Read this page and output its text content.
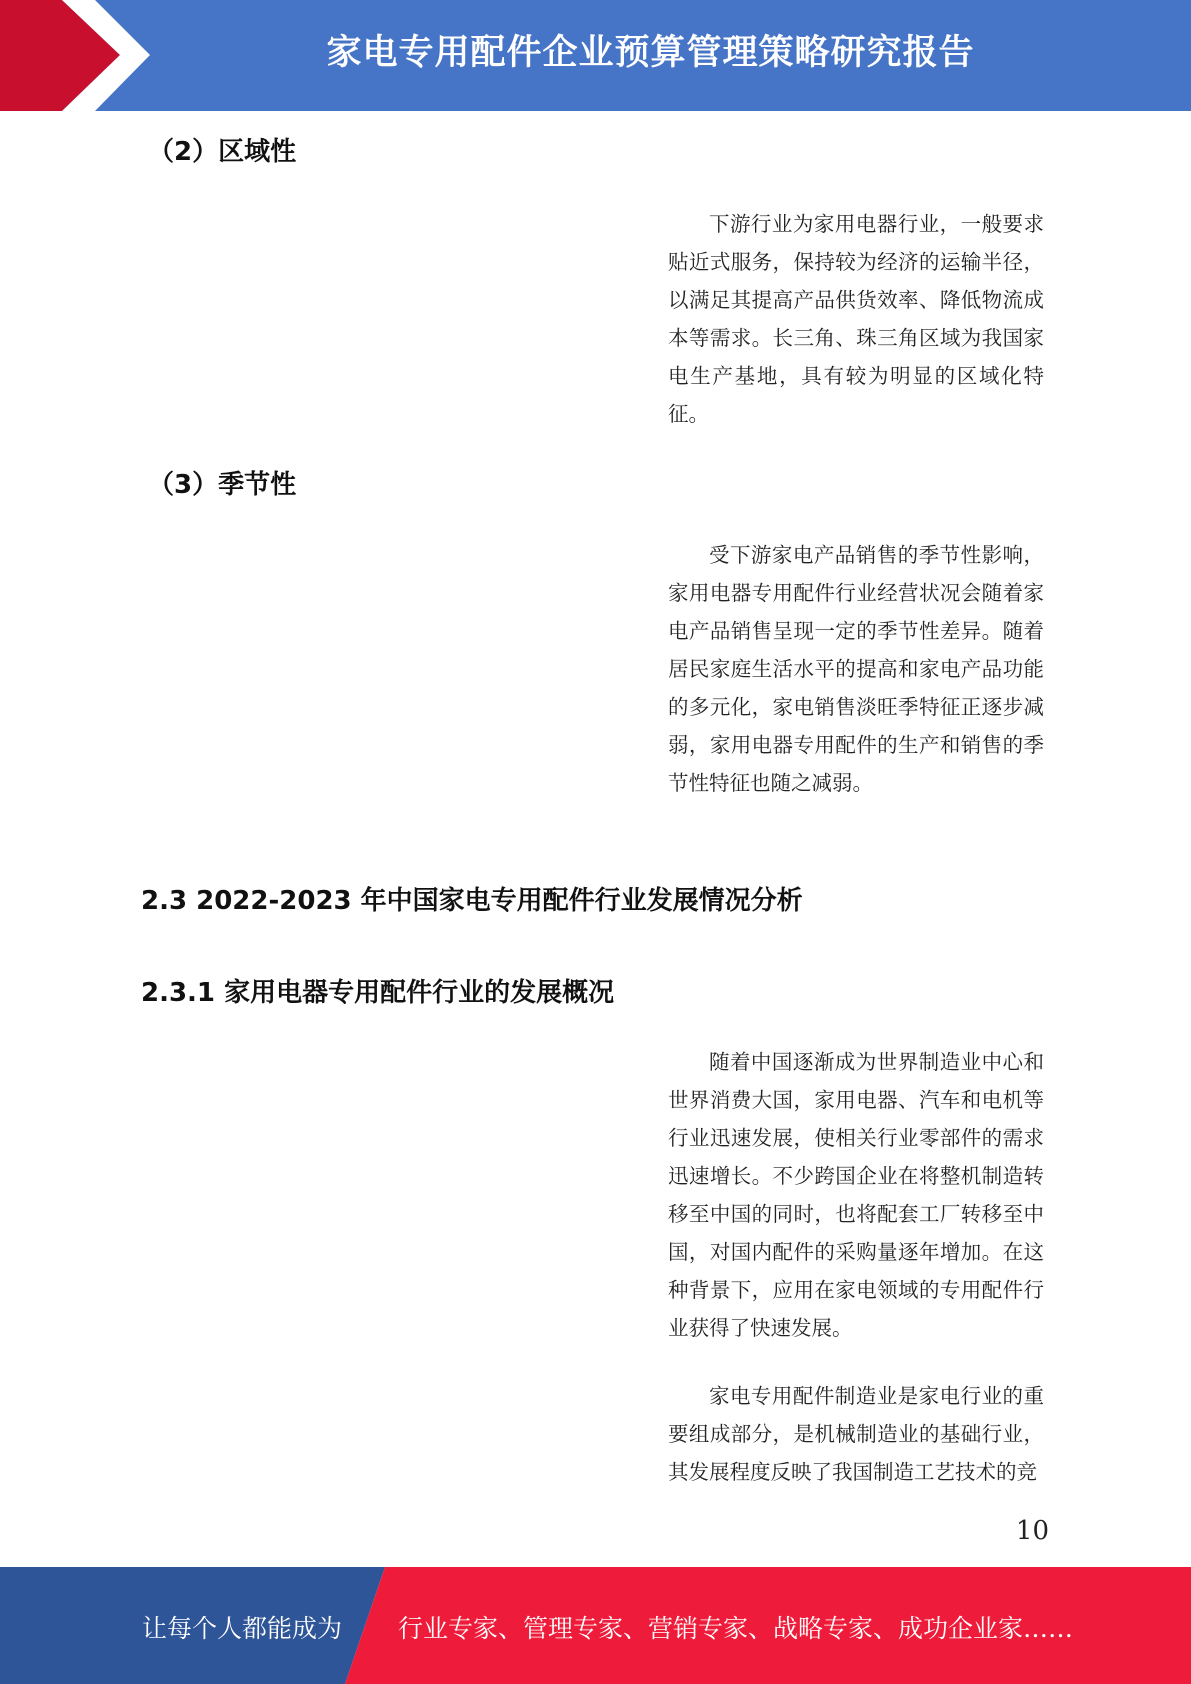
家电专用配件企业预算管理策略研究报告
（2）区域性

下游行业为家用电器行业，一般要求贴近式服务，保持较为经济的运输半径，以满足其提高产品供货效率、降低物流成本等需求。长三角、珠三角区域为我国家电生产基地，具有较为明显的区域化特征。

（3）季节性

受下游家电产品销售的季节性影响，家用电器专用配件行业经营状况会随着家电产品销售呈现一定的季节性差异。随着居民家庭生活水平的提高和家电产品功能的多元化，家电销售淡旺季特征正逐步减弱，家用电器专用配件的生产和销售的季节性特征也随之减弱。

2.3 2022-2023 年中国家电专用配件行业发展情况分析
2.3.1 家用电器专用配件行业的发展概况

随着中国逐渐成为世界制造业中心和世界消费大国，家用电器、汽车和电机等行业迅速发展，使相关行业零部件的需求迅速增长。不少跨国企业在将整机制造转移至中国的同时，也将配套工厂转移至中国，对国内配件的采购量逐年增加。在这种背景下，应用在家电领域的专用配件行业获得了快速发展。

家电专用配件制造业是家电行业的重要组成部分，是机械制造业的基础行业，其发展程度反映了我国制造工艺技术的竞

10
让每个人都能成为 行业专家、管理专家、营销专家、战略专家、成功企业家……
